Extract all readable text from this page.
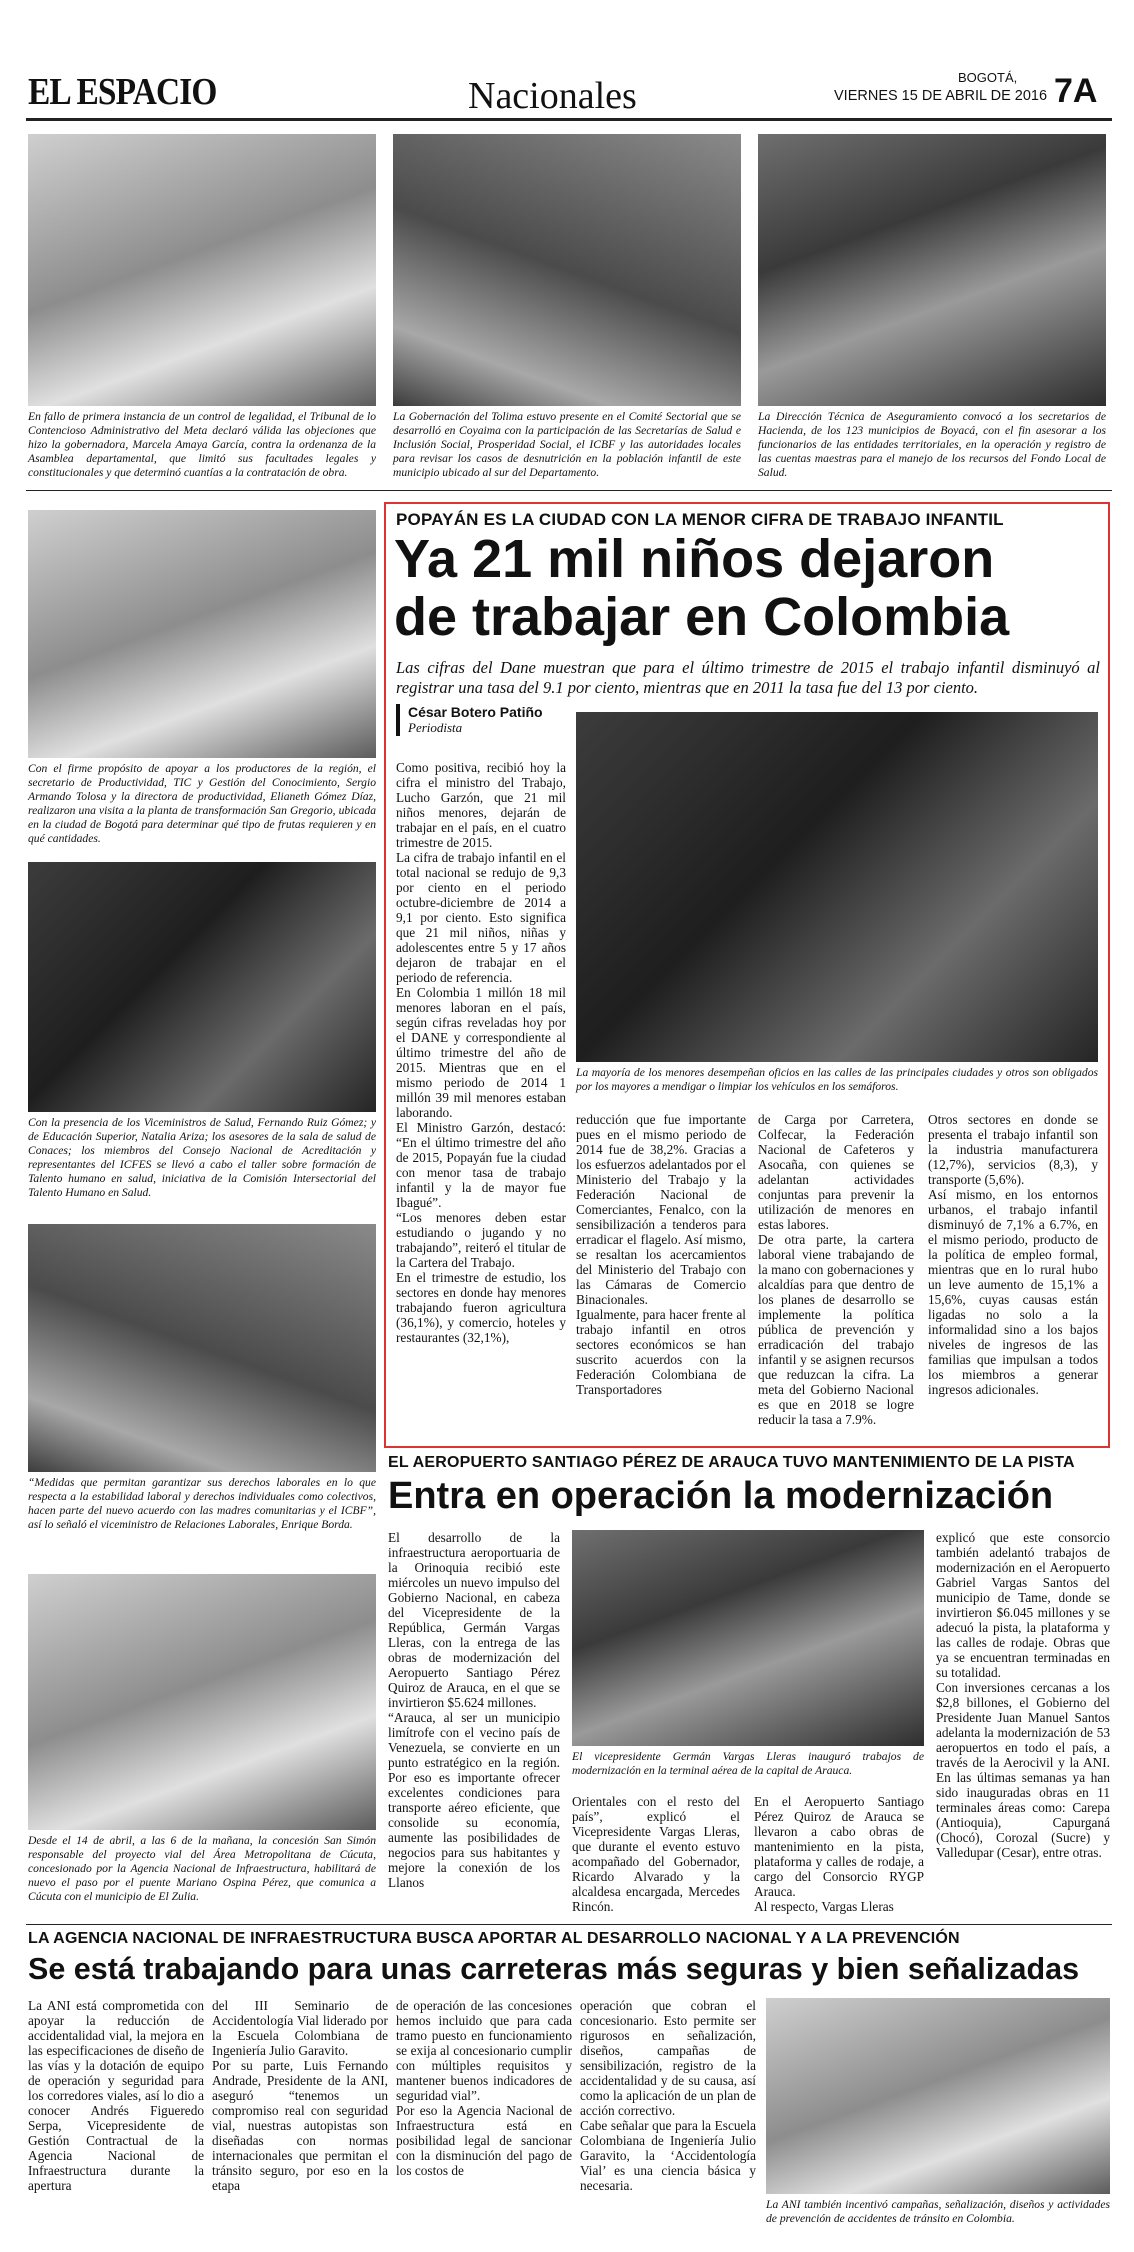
EL ESPACIO	Nacionales	BOGOTÁ,
VIERNES 15 DE ABRIL DE 2016 7A
En fallo de primera instancia de un control de legalidad, el Tribunal de lo Contencioso Administrativo del Meta declaró válida las objeciones que hizo la gobernadora, Marcela Amaya García, contra la ordenanza de la Asamblea departamental, que limitó sus facultades legales y constitucionales y que determinó cuantías a la contratación de obra.
La Gobernación del Tolima estuvo presente en el Comité Sectorial que se desarrolló en Coyaima con la participación de las Secretarías de Salud e Inclusión Social, Prosperidad Social, el ICBF y las autoridades locales para revisar los casos de desnutrición en la población infantil de este municipio ubicado al sur del Departamento.
La Dirección Técnica de Aseguramiento convocó a los secretarios de Hacienda, de los 123 municipios de Boyacá, con el fin asesorar a los funcionarios de las entidades territoriales, en la operación y registro de las cuentas maestras para el manejo de los recursos del Fondo Local de Salud.
Con el firme propósito de apoyar a los productores de la región, el secretario de Productividad, TIC y Gestión del Conocimiento, Sergio Armando Tolosa y la directora de productividad, Elianeth Gómez Díaz, realizaron una visita a la planta de transformación San Gregorio, ubicada en la ciudad de Bogotá para determinar qué tipo de frutas requieren y en qué cantidades.
Con la presencia de los Viceministros de Salud, Fernando Ruiz Gómez; y de Educación Superior, Natalia Ariza; los asesores de la sala de salud de Conaces; los miembros del Consejo Nacional de Acreditación y representantes del ICFES se llevó a cabo el taller sobre formación de Talento humano en salud, iniciativa de la Comisión Intersectorial del Talento Humano en Salud.
“Medidas que permitan garantizar sus derechos laborales en lo que respecta a la estabilidad laboral y derechos individuales como colectivos, hacen parte del nuevo acuerdo con las madres comunitarias y el ICBF”, así lo señaló el viceministro de Relaciones Laborales, Enrique Borda.
Desde el 14 de abril, a las 6 de la mañana, la concesión San Simón responsable del proyecto vial del Área Metropolitana de Cúcuta, concesionado por la Agencia Nacional de Infraestructura, habilitará de nuevo el paso por el puente Mariano Ospina Pérez, que comunica a Cúcuta con el municipio de El Zulia.
POPAYÁN ES LA CIUDAD CON LA MENOR CIFRA DE TRABAJO INFANTIL
Ya 21 mil niños dejaron
de trabajar en Colombia
Las cifras del Dane muestran que para el último trimestre de 2015 el trabajo infantil disminuyó al registrar una tasa del 9.1 por ciento, mientras que en 2011 la tasa fue del 13 por ciento.
César Botero Patiño
Periodista
La mayoría de los menores desempeñan oficios en las calles de las principales ciudades y otros son obligados por los mayores a mendigar o limpiar los vehículos en los semáforos.
Como positiva, recibió hoy la cifra el ministro del Trabajo, Lucho Garzón, que 21 mil niños menores, dejarán de trabajar en el país, en el cuatro trimestre de 2015.
La cifra de trabajo infantil en el total nacional se redujo de 9,3 por ciento en el periodo octubre-diciembre de 2014 a 9,1 por ciento. Esto significa que 21 mil niños, niñas y adolescentes entre 5 y 17 años dejaron de trabajar en el periodo de referencia.
En Colombia 1 millón 18 mil menores laboran en el país, según cifras reveladas hoy por el DANE y correspondiente al último trimestre del año de 2015. Mientras que en el mismo periodo de 2014 1 millón 39 mil menores estaban laborando.
El Ministro Garzón, destacó: “En el último trimestre del año de 2015, Popayán fue la ciudad con menor tasa de trabajo infantil y la de mayor fue Ibagué”.
“Los menores deben estar estudiando o jugando y no trabajando”, reiteró el titular de la Cartera del Trabajo.
En el trimestre de estudio, los sectores en donde hay menores trabajando fueron agricultura (36,1%), y comercio, hoteles y restaurantes (32,1%),
reducción que fue importante pues en el mismo periodo de 2014 fue de 38,2%. Gracias a los esfuerzos adelantados por el Ministerio del Trabajo y la Federación Nacional de Comerciantes, Fenalco, con la sensibilización a tenderos para erradicar el flagelo. Así mismo, se resaltan los acercamientos del Ministerio del Trabajo con las Cámaras de Comercio Binacionales.
Igualmente, para hacer frente al trabajo infantil en otros sectores económicos se han suscrito acuerdos con la Federación Colombiana de Transportadores
de Carga por Carretera, Colfecar, la Federación Nacional de Cafeteros y Asocaña, con quienes se adelantan actividades conjuntas para prevenir la utilización de menores en estas labores.
De otra parte, la cartera laboral viene trabajando de la mano con gobernaciones y alcaldías para que dentro de los planes de desarrollo se implemente la política pública de prevención y erradicación del trabajo infantil y se asignen recursos que reduzcan la cifra. La meta del Gobierno Nacional es que en 2018 se logre reducir la tasa a 7.9%.
Otros sectores en donde se presenta el trabajo infantil son la industria manufacturera (12,7%), servicios (8,3), y transporte (5,6%).
Así mismo, en los entornos urbanos, el trabajo infantil disminuyó de 7,1% a 6.7%, en el mismo periodo, producto de la política de empleo formal, mientras que en lo rural hubo un leve aumento de 15,1% a 15,6%, cuyas causas están ligadas no solo a la informalidad sino a los bajos niveles de ingresos de las familias que impulsan a todos los miembros a generar ingresos adicionales.
EL AEROPUERTO SANTIAGO PÉREZ DE ARAUCA TUVO MANTENIMIENTO DE LA PISTA
Entra en operación la modernización
El desarrollo de la infraestructura aeroportuaria de la Orinoquia recibió este miércoles un nuevo impulso del Gobierno Nacional, en cabeza del Vicepresidente de la República, Germán Vargas Lleras, con la entrega de las obras de modernización del Aeropuerto Santiago Pérez Quiroz de Arauca, en el que se invirtieron $5.624 millones.
“Arauca, al ser un municipio limítrofe con el vecino país de Venezuela, se convierte en un punto estratégico en la región. Por eso es importante ofrecer excelentes condiciones para transporte aéreo eficiente, que consolide su economía, aumente las posibilidades de negocios para sus habitantes y mejore la conexión de los Llanos
El vicepresidente Germán Vargas Lleras inauguró trabajos de modernización en la terminal aérea de la capital de Arauca.
Orientales con el resto del país”, explicó el Vicepresidente Vargas Lleras, que durante el evento estuvo acompañado del Gobernador, Ricardo Alvarado y la alcaldesa encargada, Mercedes Rincón.
En el Aeropuerto Santiago Pérez Quiroz de Arauca se llevaron a cabo obras de mantenimiento en la pista, plataforma y calles de rodaje, a cargo del Consorcio RYGP Arauca.
Al respecto, Vargas Lleras
explicó que este consorcio también adelantó trabajos de modernización en el Aeropuerto Gabriel Vargas Santos del municipio de Tame, donde se invirtieron $6.045 millones y se adecuó la pista, la plataforma y las calles de rodaje. Obras que ya se encuentran terminadas en su totalidad.
Con inversiones cercanas a los $2,8 billones, el Gobierno del Presidente Juan Manuel Santos adelanta la modernización de 53 aeropuertos en todo el país, a través de la Aerocivil y la ANI. En las últimas semanas ya han sido inauguradas obras en 11 terminales áreas como: Carepa (Antioquia), Capurganá (Chocó), Corozal (Sucre) y Valledupar (Cesar), entre otras.
LA AGENCIA NACIONAL DE INFRAESTRUCTURA BUSCA APORTAR AL DESARROLLO NACIONAL Y A LA PREVENCIÓN
Se está trabajando para unas carreteras más seguras y bien señalizadas
La ANI está comprometida con apoyar la reducción de accidentalidad vial, la mejora en las especificaciones de diseño de las vías y la dotación de equipo de operación y seguridad para los corredores viales, así lo dio a conocer Andrés Figueredo Serpa, Vicepresidente de Gestión Contractual de la Agencia Nacional de Infraestructura durante la apertura
del III Seminario de Accidentología Vial liderado por la Escuela Colombiana de Ingeniería Julio Garavito.
Por su parte, Luis Fernando Andrade, Presidente de la ANI, aseguró “tenemos un compromiso real con seguridad vial, nuestras autopistas son diseñadas con normas internacionales que permitan el tránsito seguro, por eso en la etapa
de operación de las concesiones hemos incluido que para cada tramo puesto en funcionamiento se exija al concesionario cumplir con múltiples requisitos y mantener buenos indicadores de seguridad vial”.
Por eso la Agencia Nacional de Infraestructura está en posibilidad legal de sancionar con la disminución del pago de los costos de
operación que cobran el concesionario. Esto permite ser rigurosos en señalización, diseños, campañas de sensibilización, registro de la accidentalidad y de su causa, así como la aplicación de un plan de acción correctivo.
Cabe señalar que para la Escuela Colombiana de Ingeniería Julio Garavito, la ‘Accidentología Vial’ es una ciencia básica y necesaria.
La ANI también incentivó campañas, señalización, diseños y actividades de prevención de accidentes de tránsito en Colombia.
